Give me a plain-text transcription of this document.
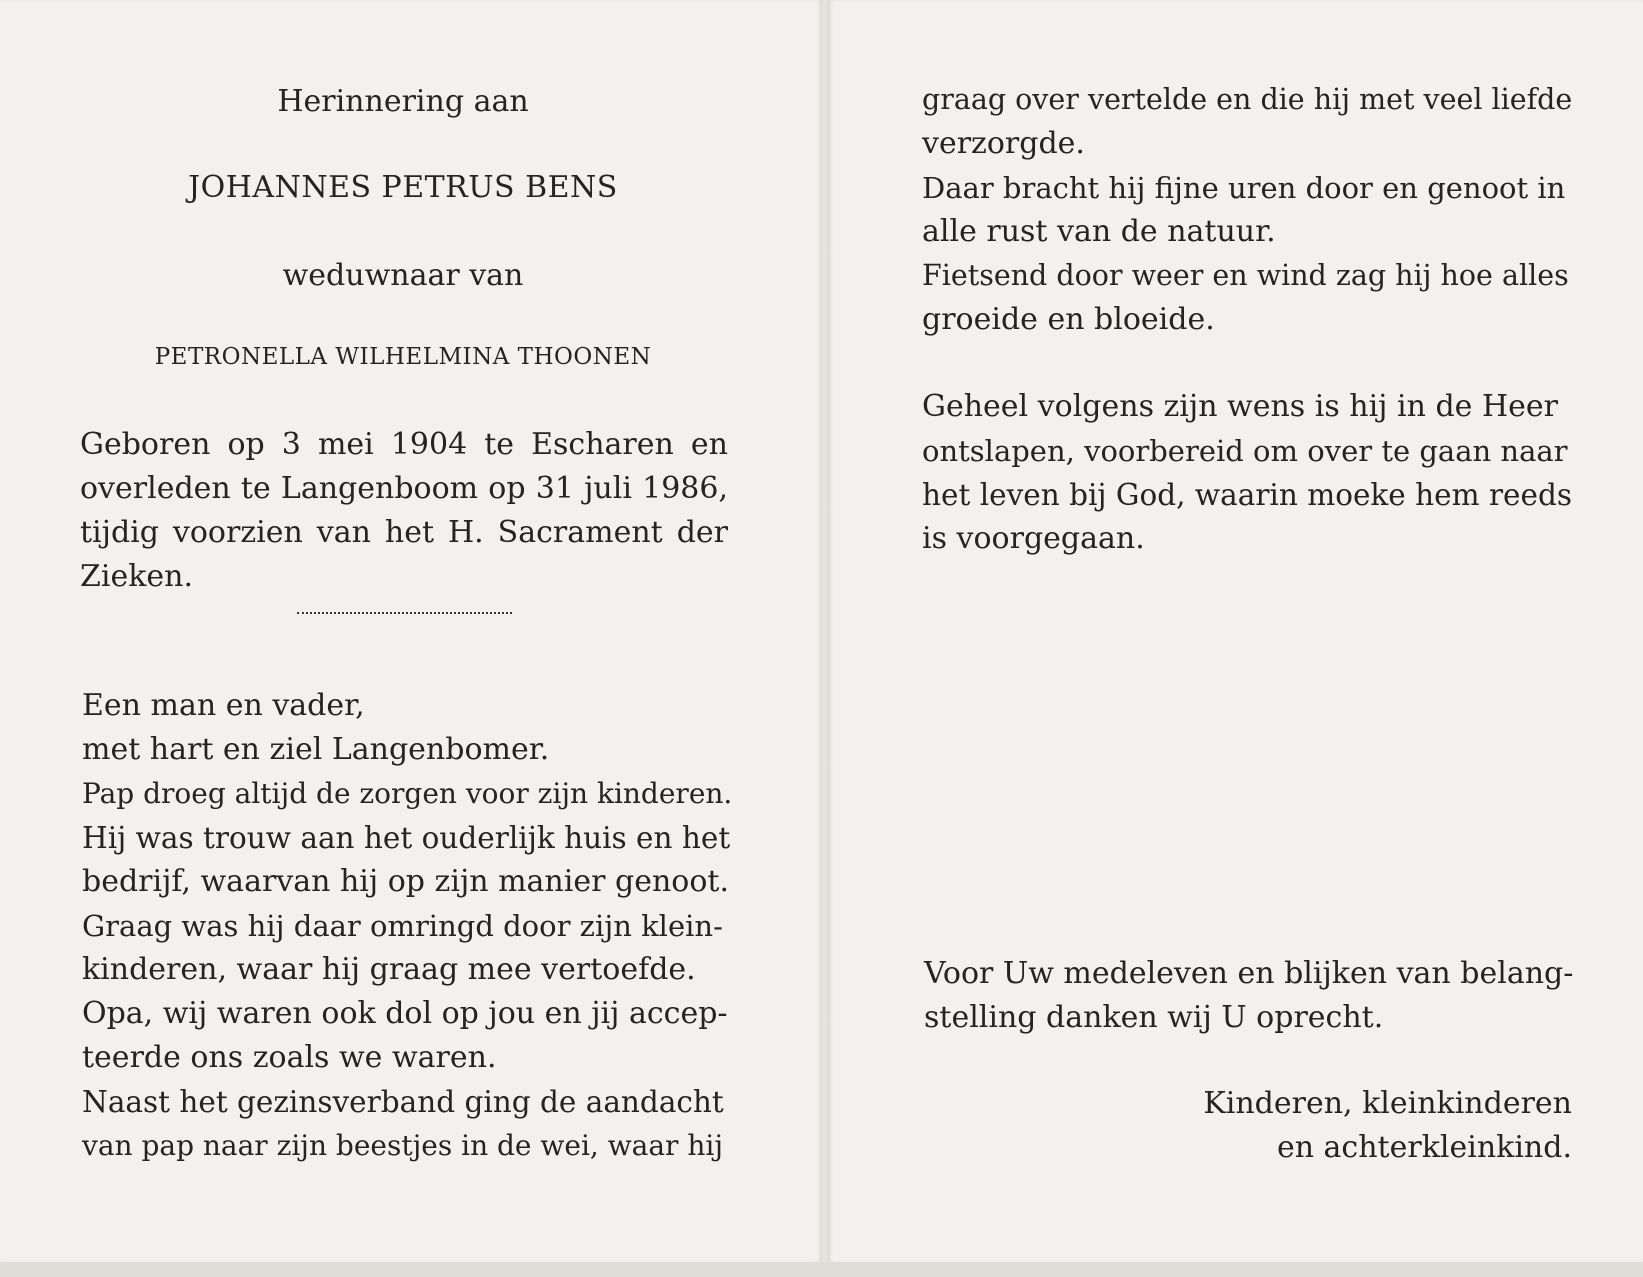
Herinnering aan
JOHANNES PETRUS BENS
weduwnaar van
PETRONELLA WILHELMINA THOONEN
Geboren op 3 mei 1904 te Escharen en
overleden te Langenboom op 31 juli 1986,
tijdig voorzien van het H. Sacrament der
Zieken.
Een man en vader,
met hart en ziel Langenbomer.
Pap droeg altijd de zorgen voor zijn kinderen.
Hij was trouw aan het ouderlijk huis en het
bedrijf, waarvan hij op zijn manier genoot.
Graag was hij daar omringd door zijn klein-
kinderen, waar hij graag mee vertoefde.
Opa, wij waren ook dol op jou en jij accep-
teerde ons zoals we waren.
Naast het gezinsverband ging de aandacht
van pap naar zijn beestjes in de wei, waar hij
graag over vertelde en die hij met veel liefde
verzorgde.
Daar bracht hij fijne uren door en genoot in
alle rust van de natuur.
Fietsend door weer en wind zag hij hoe alles
groeide en bloeide.
Geheel volgens zijn wens is hij in de Heer
ontslapen, voorbereid om over te gaan naar
het leven bij God, waarin moeke hem reeds
is voorgegaan.
Voor Uw medeleven en blijken van belang-
stelling danken wij U oprecht.
Kinderen, kleinkinderen
en achterkleinkind.
